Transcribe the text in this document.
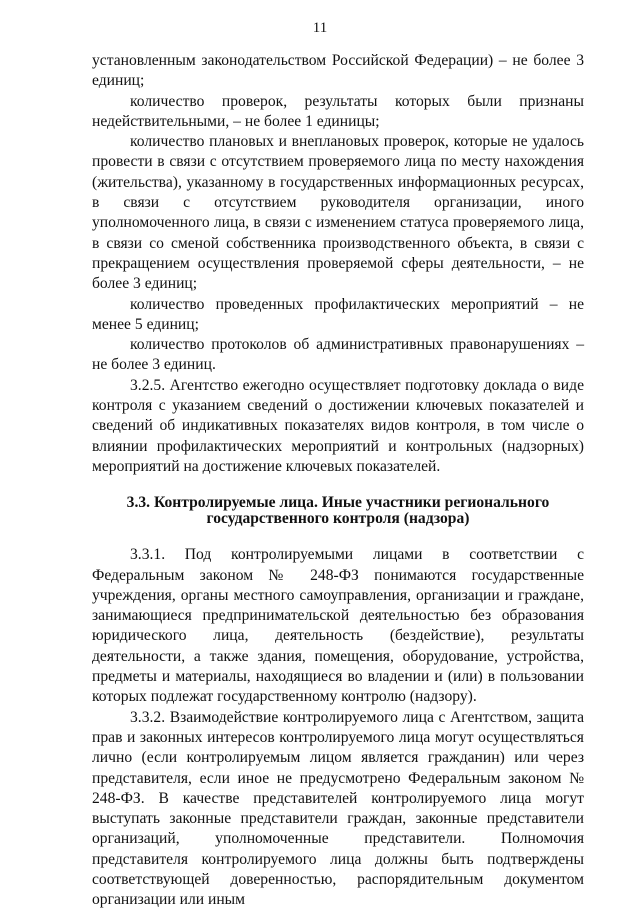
11

установленным законодательством Российской Федерации) – не более 3 единиц;

количество проверок, результаты которых были признаны недействительными, – не более 1 единицы;

количество плановых и внеплановых проверок, которые не удалось провести в связи с отсутствием проверяемого лица по месту нахождения (жительства), указанному в государственных информационных ресурсах, в связи с отсутствием руководителя организации, иного уполномоченного лица, в связи с изменением статуса проверяемого лица, в связи со сменой собственника производственного объекта, в связи с прекращением осуществления проверяемой сферы деятельности, – не более 3 единиц;

количество проведенных профилактических мероприятий – не менее 5 единиц;

количество протоколов об административных правонарушениях – не более 3 единиц.

3.2.5. Агентство ежегодно осуществляет подготовку доклада о виде контроля с указанием сведений о достижении ключевых показателей и сведений об индикативных показателях видов контроля, в том числе о влиянии профилактических мероприятий и контрольных (надзорных) мероприятий на достижение ключевых показателей.

3.3. Контролируемые лица. Иные участники регионального государственного контроля (надзора)

3.3.1. Под контролируемыми лицами в соответствии с Федеральным законом № 248-ФЗ понимаются государственные учреждения, органы местного самоуправления, организации и граждане, занимающиеся предпринимательской деятельностью без образования юридического лица, деятельность (бездействие), результаты деятельности, а также здания, помещения, оборудование, устройства, предметы и материалы, находящиеся во владении и (или) в пользовании которых подлежат государственному контролю (надзору).

3.3.2. Взаимодействие контролируемого лица с Агентством, защита прав и законных интересов контролируемого лица могут осуществляться лично (если контролируемым лицом является гражданин) или через представителя, если иное не предусмотрено Федеральным законом № 248-ФЗ. В качестве представителей контролируемого лица могут выступать законные представители граждан, законные представители организаций, уполномоченные представители. Полномочия представителя контролируемого лица должны быть подтверждены соответствующей доверенностью, распорядительным документом организации или иным
